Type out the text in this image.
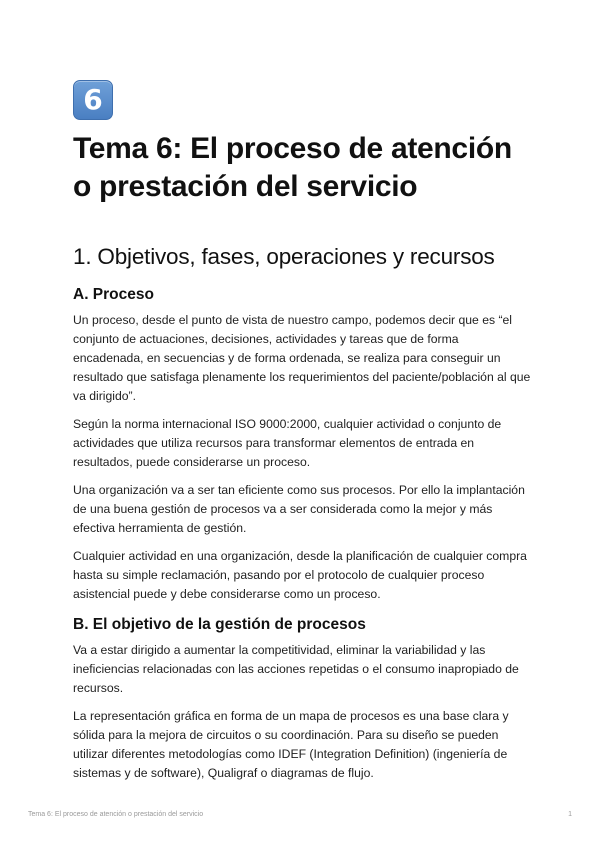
6
Tema 6: El proceso de atención o prestación del servicio
1. Objetivos, fases, operaciones y recursos
A. Proceso

Un proceso, desde el punto de vista de nuestro campo, podemos decir que es “el conjunto de actuaciones, decisiones, actividades y tareas que de forma encadenada, en secuencias y de forma ordenada, se realiza para conseguir un resultado que satisfaga plenamente los requerimientos del paciente/población al que va dirigido”.

Según la norma internacional ISO 9000:2000, cualquier actividad o conjunto de actividades que utiliza recursos para transformar elementos de entrada en resultados, puede considerarse un proceso.

Una organización va a ser tan eficiente como sus procesos. Por ello la implantación de una buena gestión de procesos va a ser considerada como la mejor y más efectiva herramienta de gestión.

Cualquier actividad en una organización, desde la planificación de cualquier compra hasta su simple reclamación, pasando por el protocolo de cualquier proceso asistencial puede y debe considerarse como un proceso.

B. El objetivo de la gestión de procesos

Va a estar dirigido a aumentar la competitividad, eliminar la variabilidad y las ineficiencias relacionadas con las acciones repetidas o el consumo inapropiado de recursos.

La representación gráfica en forma de un mapa de procesos es una base clara y sólida para la mejora de circuitos o su coordinación. Para su diseño se pueden utilizar diferentes metodologías como IDEF (Integration Definition) (ingeniería de sistemas y de software), Qualigraf o diagramas de flujo.

Tema 6: El proceso de atención o prestación del servicio	1
